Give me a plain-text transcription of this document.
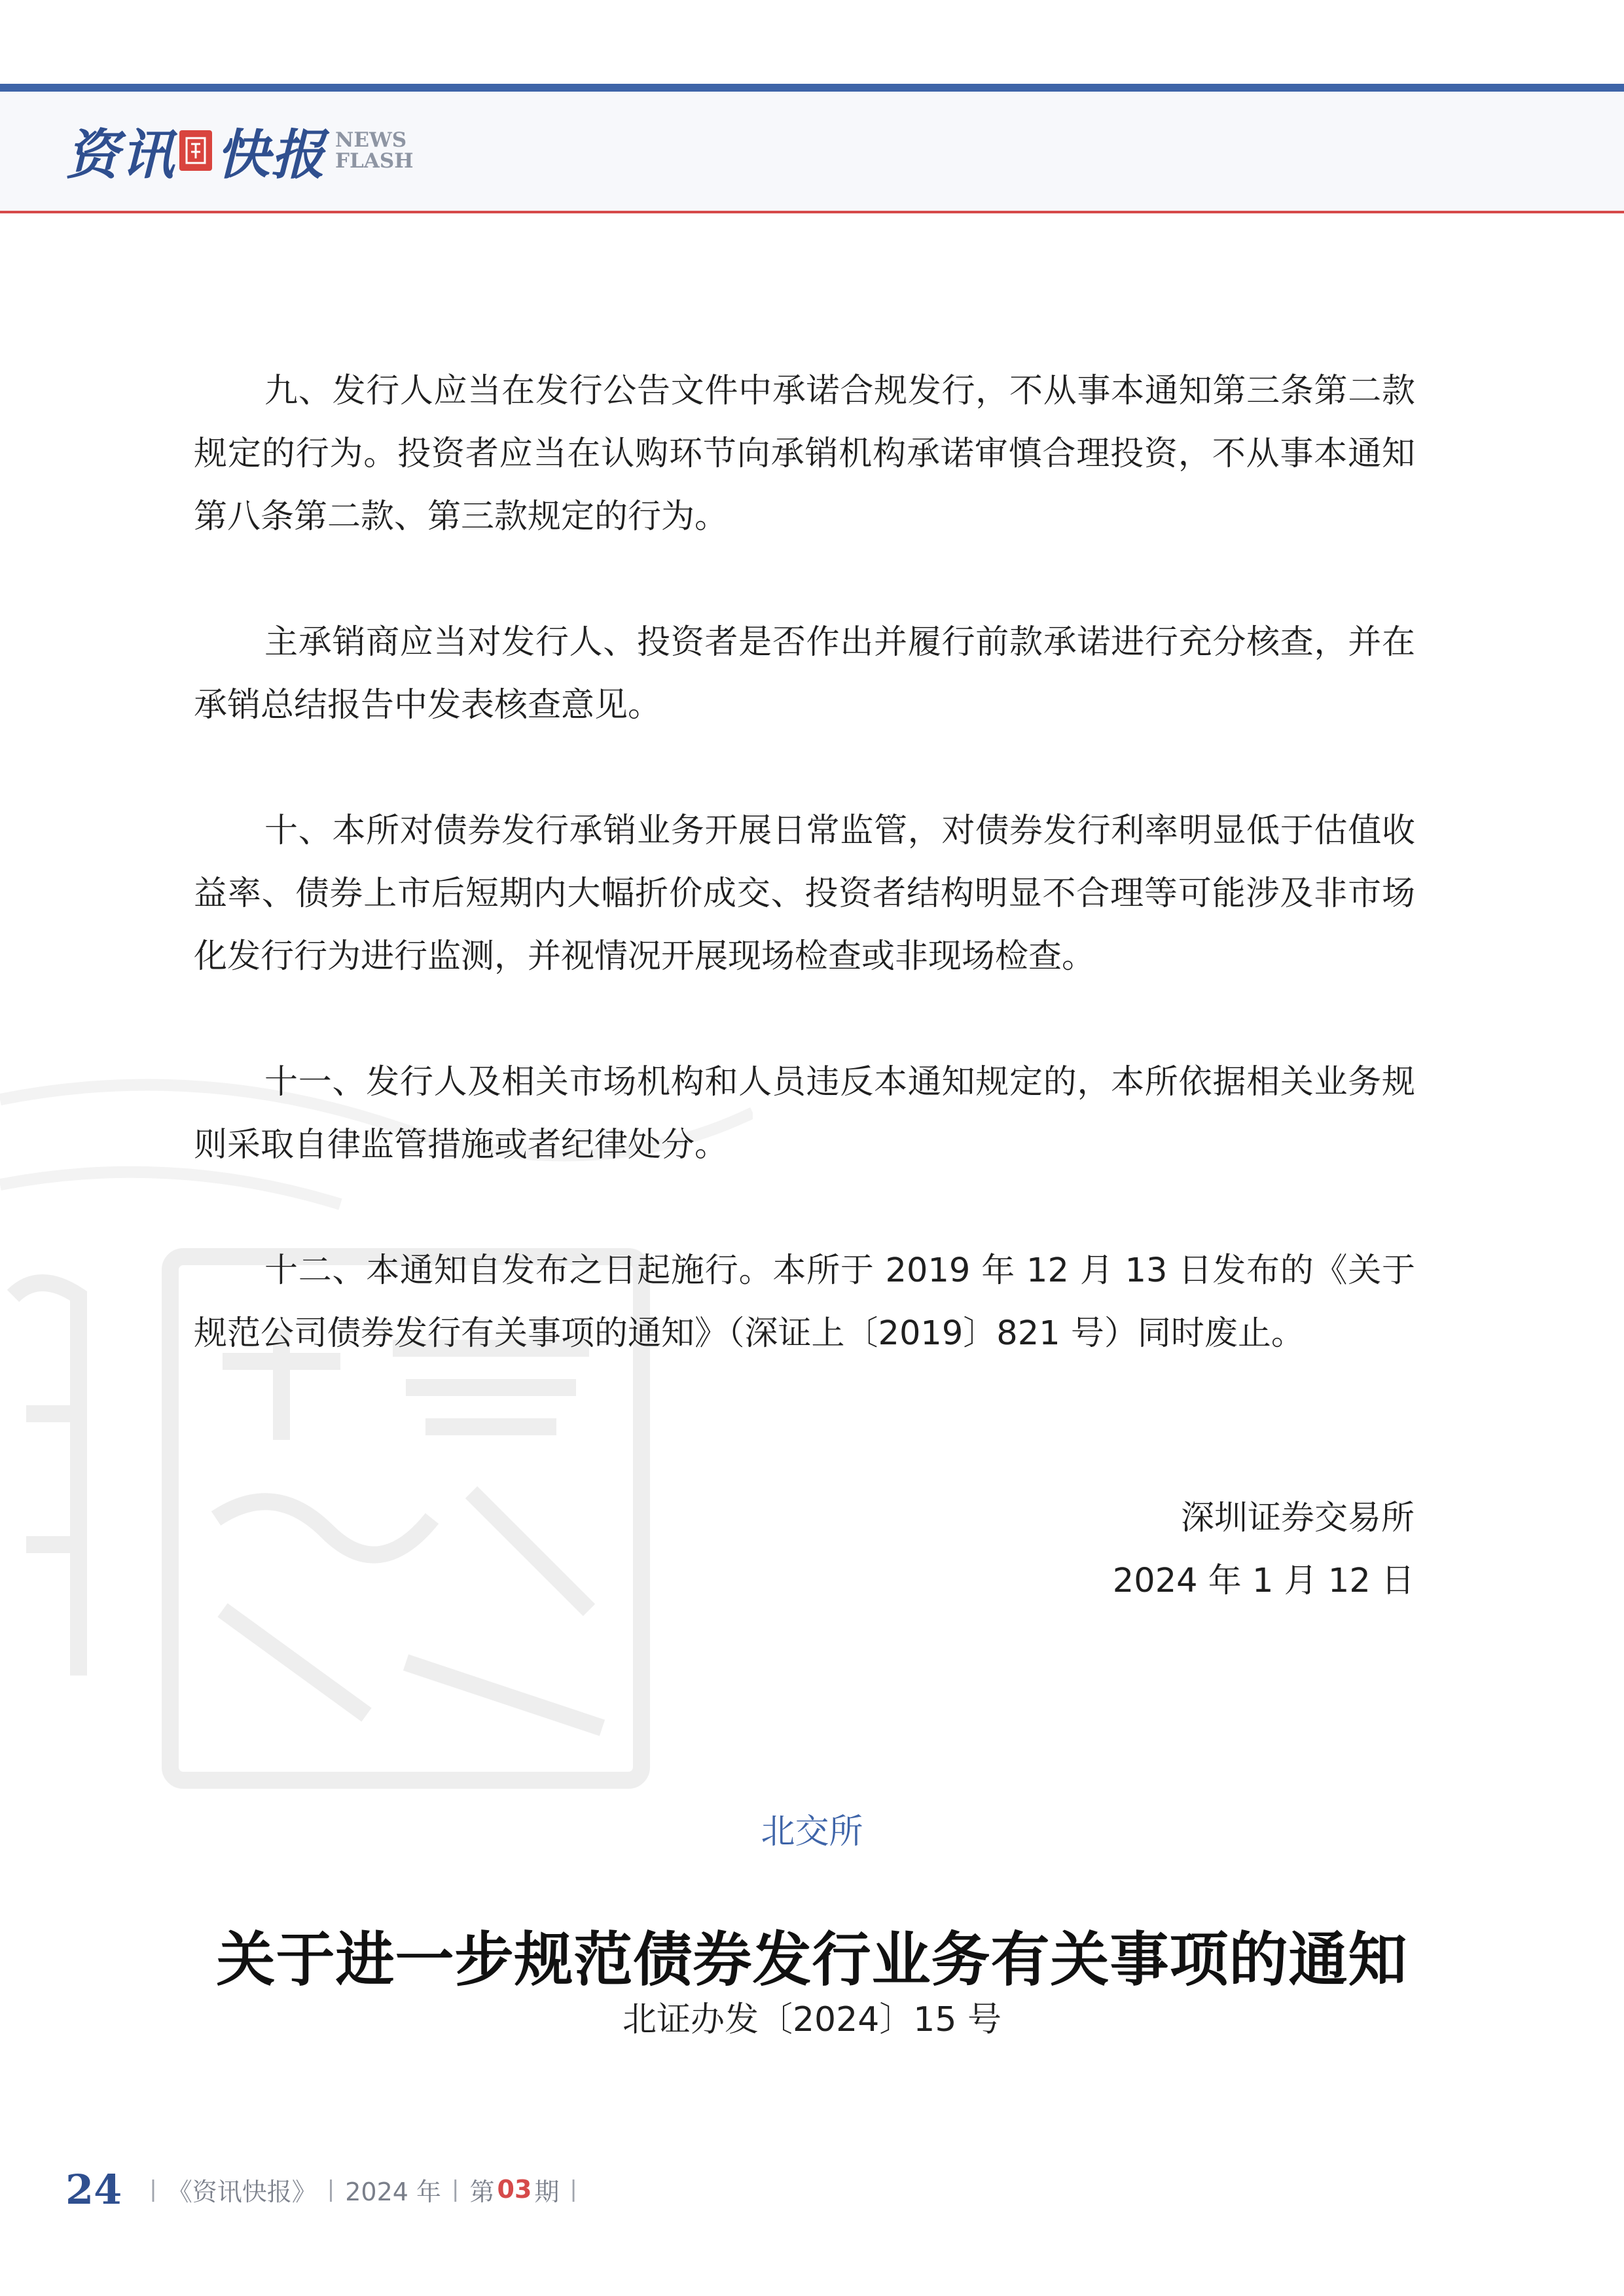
资讯 快报 NEWS
FLASH

九、发行人应当在发行公告文件中承诺合规发行，不从事本通知第三条第二款规定的行为。投资者应当在认购环节向承销机构承诺审慎合理投资，不从事本通知第八条第二款、第三款规定的行为。

主承销商应当对发行人、投资者是否作出并履行前款承诺进行充分核查，并在承销总结报告中发表核查意见。

十、本所对债券发行承销业务开展日常监管，对债券发行利率明显低于估值收益率、债券上市后短期内大幅折价成交、投资者结构明显不合理等可能涉及非市场化发行行为进行监测，并视情况开展现场检查或非现场检查。

十一、发行人及相关市场机构和人员违反本通知规定的，本所依据相关业务规则采取自律监管措施或者纪律处分。

十二、本通知自发布之日起施行。本所于 2019 年 12 月 13 日发布的《关于规范公司债券发行有关事项的通知》（深证上〔2019〕821 号）同时废止。

深圳证券交易所
2024 年 1 月 12 日
北交所
关于进一步规范债券发行业务有关事项的通知
北证办发〔2024〕15 号
24 | 《资讯快报》 | 2024 年 | 第 03 期 |
